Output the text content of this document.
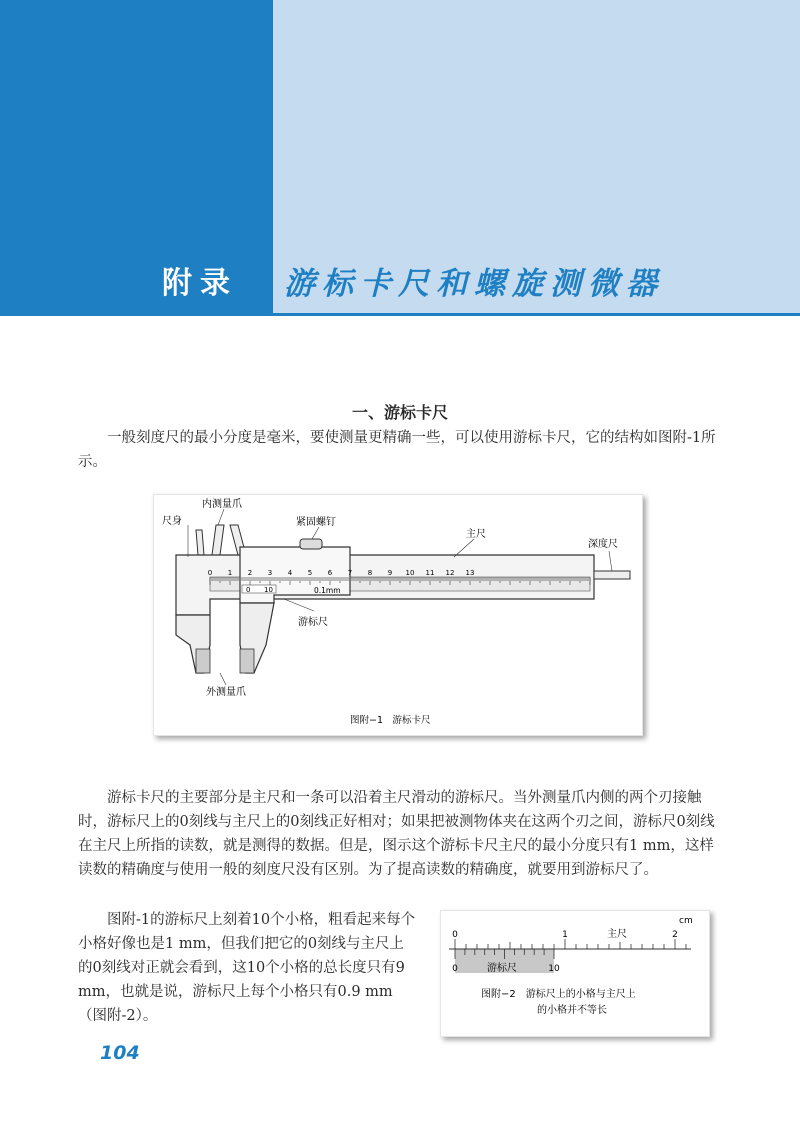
附录 游标卡尺和螺旋测微器
一、游标卡尺

一般刻度尺的最小分度是毫米，要使测量更精确一些，可以使用游标卡尺，它的结构如图附-1所示。

0 1 2 3 4 5 6 7 8 9 10 11 12 13
0 10	0.1mm
尺身
内测量爪
紧固螺钉
主尺
深度尺
游标尺
外测量爪
图附−1　游标卡尺

游标卡尺的主要部分是主尺和一条可以沿着主尺滑动的游标尺。当外测量爪内侧的两个刃接触时，游标尺上的0刻线与主尺上的0刻线正好相对；如果把被测物体夹在这两个刃之间，游标尺0刻线在主尺上所指的读数，就是测得的数据。但是，图示这个游标卡尺主尺的最小分度只有1 mm，这样读数的精确度与使用一般的刻度尺没有区别。为了提高读数的精确度，就要用到游标尺了。

图附-1的游标尺上刻着10个小格，粗看起来每个小格好像也是1 mm，但我们把它的0刻线与主尺上的0刻线对正就会看到，这10个小格的总长度只有9 mm，也就是说，游标尺上每个小格只有0.9 mm（图附-2）。

cm
0	1	2
主尺
0	10
游标尺
图附−2　游标尺上的小格与主尺上
的小格并不等长
104
